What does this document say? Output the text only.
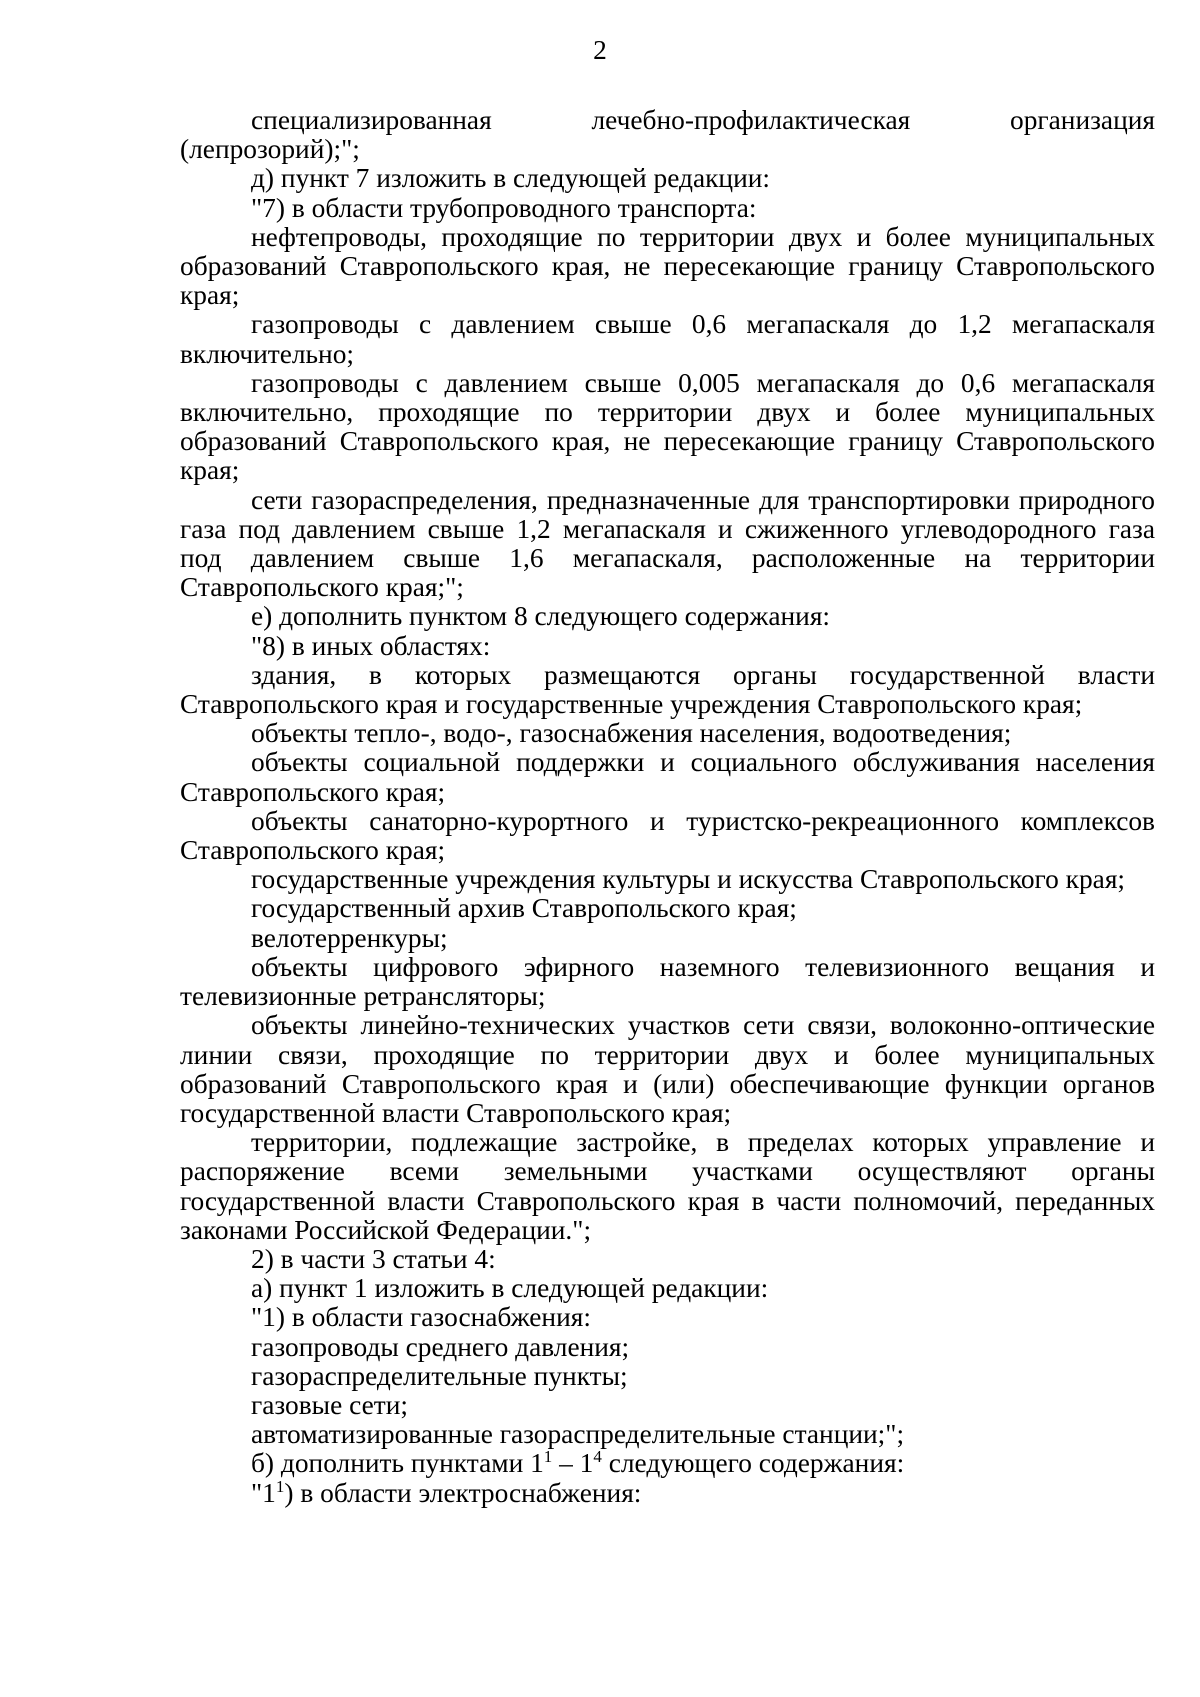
2

специализированная лечебно-профилактическая организация (лепрозорий);";

д) пункт 7 изложить в следующей редакции:

"7) в области трубопроводного транспорта:

нефтепроводы, проходящие по территории двух и более муниципальных образований Ставропольского края, не пересекающие границу Ставропольского края;

газопроводы с давлением свыше 0,6 мегапаскаля до 1,2 мегапаскаля включительно;

газопроводы с давлением свыше 0,005 мегапаскаля до 0,6 мегапаскаля включительно, проходящие по территории двух и более муниципальных образований Ставропольского края, не пересекающие границу Ставропольского края;

сети газораспределения, предназначенные для транспортировки природного газа под давлением свыше 1,2 мегапаскаля и сжиженного углеводородного газа под давлением свыше 1,6 мегапаскаля, расположенные на территории Ставропольского края;";

е) дополнить пунктом 8 следующего содержания:

"8) в иных областях:

здания, в которых размещаются органы государственной власти Ставропольского края и государственные учреждения Ставропольского края;

объекты тепло-, водо-, газоснабжения населения, водоотведения;

объекты социальной поддержки и социального обслуживания населения Ставропольского края;

объекты санаторно-курортного и туристско-рекреационного комплексов Ставропольского края;

государственные учреждения культуры и искусства Ставропольского края;

государственный архив Ставропольского края;

велотерренкуры;

объекты цифрового эфирного наземного телевизионного вещания и телевизионные ретрансляторы;

объекты линейно-технических участков сети связи, волоконно-оптические линии связи, проходящие по территории двух и более муниципальных образований Ставропольского края и (или) обеспечивающие функции органов государственной власти Ставропольского края;

территории, подлежащие застройке, в пределах которых управление и распоряжение всеми земельными участками осуществляют органы государственной власти Ставропольского края в части полномочий, переданных законами Российской Федерации.";

2) в части 3 статьи 4:

а) пункт 1 изложить в следующей редакции:

"1) в области газоснабжения:

газопроводы среднего давления;

газораспределительные пункты;

газовые сети;

автоматизированные газораспределительные станции;";

б) дополнить пунктами $1^1 - 1^4$ следующего содержания:

"$1^1$) в области электроснабжения:
